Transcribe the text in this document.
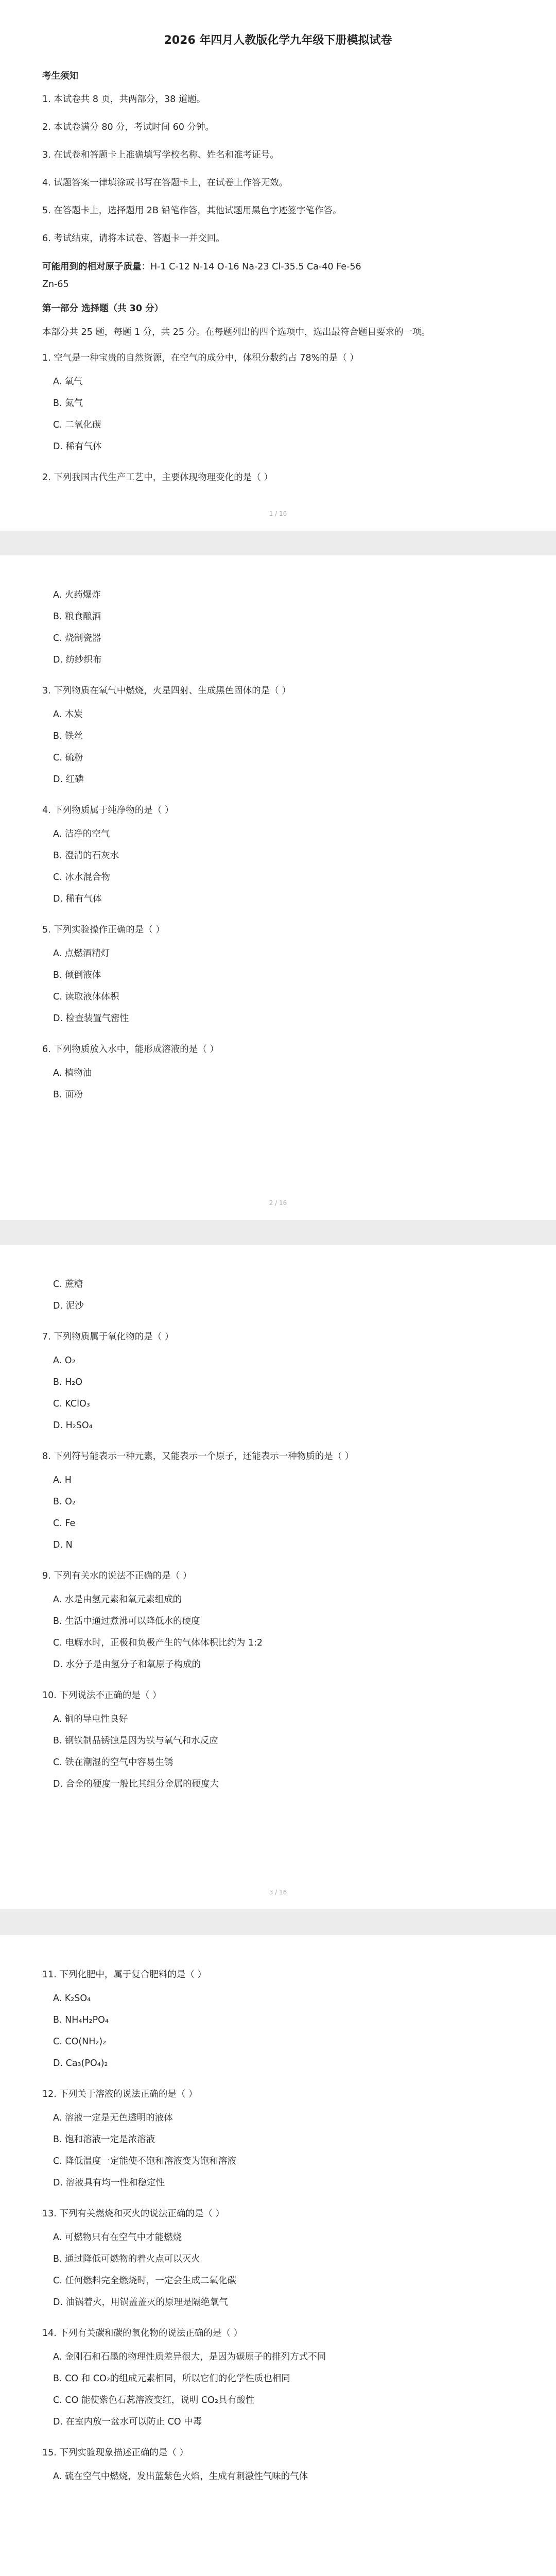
2026 年四月人教版化学九年级下册模拟试卷
考生须知
1. 本试卷共 8 页，共两部分，38 道题。
2. 本试卷满分 80 分，考试时间 60 分钟。
3. 在试卷和答题卡上准确填写学校名称、姓名和准考证号。
4. 试题答案一律填涂或书写在答题卡上，在试卷上作答无效。
5. 在答题卡上，选择题用 2B 铅笔作答，其他试题用黑色字迹签字笔作答。
6. 考试结束，请将本试卷、答题卡一并交回。
可能用到的相对原子质量：H-1 C-12 N-14 O-16 Na-23 Cl-35.5 Ca-40 Fe-56
Zn-65
第一部分 选择题（共 30 分）
本部分共 25 题，每题 1 分，共 25 分。在每题列出的四个选项中，选出最符合题目要求的一项。
1. 空气是一种宝贵的自然资源，在空气的成分中，体积分数约占 78%的是（ ）
A. 氧气
B. 氮气
C. 二氧化碳
D. 稀有气体
2. 下列我国古代生产工艺中，主要体现物理变化的是（ ）
1 / 16
A. 火药爆炸
B. 粮食酿酒
C. 烧制瓷器
D. 纺纱织布
3. 下列物质在氧气中燃烧，火星四射、生成黑色固体的是（ ）
A. 木炭
B. 铁丝
C. 硫粉
D. 红磷
4. 下列物质属于纯净物的是（ ）
A. 洁净的空气
B. 澄清的石灰水
C. 冰水混合物
D. 稀有气体
5. 下列实验操作正确的是（ ）
A. 点燃酒精灯
B. 倾倒液体
C. 读取液体体积
D. 检查装置气密性
6. 下列物质放入水中，能形成溶液的是（ ）
A. 植物油
B. 面粉
2 / 16
C. 蔗糖
D. 泥沙
7. 下列物质属于氧化物的是（ ）
A. O₂
B. H₂O
C. KClO₃
D. H₂SO₄
8. 下列符号能表示一种元素，又能表示一个原子，还能表示一种物质的是（ ）
A. H
B. O₂
C. Fe
D. N
9. 下列有关水的说法不正确的是（ ）
A. 水是由氢元素和氧元素组成的
B. 生活中通过煮沸可以降低水的硬度
C. 电解水时，正极和负极产生的气体体积比约为 1:2
D. 水分子是由氢分子和氧原子构成的
10. 下列说法不正确的是（ ）
A. 铜的导电性良好
B. 钢铁制品锈蚀是因为铁与氧气和水反应
C. 铁在潮湿的空气中容易生锈
D. 合金的硬度一般比其组分金属的硬度大
3 / 16
11. 下列化肥中，属于复合肥料的是（ ）
A. K₂SO₄
B. NH₄H₂PO₄
C. CO(NH₂)₂
D. Ca₃(PO₄)₂
12. 下列关于溶液的说法正确的是（ ）
A. 溶液一定是无色透明的液体
B. 饱和溶液一定是浓溶液
C. 降低温度一定能使不饱和溶液变为饱和溶液
D. 溶液具有均一性和稳定性
13. 下列有关燃烧和灭火的说法正确的是（ ）
A. 可燃物只有在空气中才能燃烧
B. 通过降低可燃物的着火点可以灭火
C. 任何燃料完全燃烧时，一定会生成二氧化碳
D. 油锅着火，用锅盖盖灭的原理是隔绝氧气
14. 下列有关碳和碳的氧化物的说法正确的是（ ）
A. 金刚石和石墨的物理性质差异很大，是因为碳原子的排列方式不同
B. CO 和 CO₂的组成元素相同，所以它们的化学性质也相同
C. CO 能使紫色石蕊溶液变红，说明 CO₂具有酸性
D. 在室内放一盆水可以防止 CO 中毒
15. 下列实验现象描述正确的是（ ）
A. 硫在空气中燃烧，发出蓝紫色火焰，生成有刺激性气味的气体
